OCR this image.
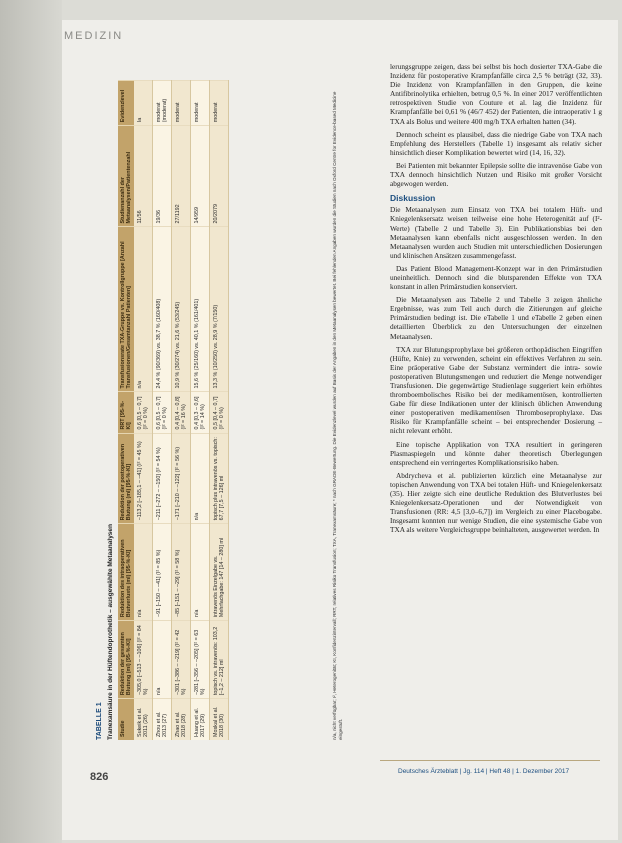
MEDIZIN
TABELLE 1 Tranexamsäure in der Hüftendoprothetik – ausgewählte Metaanalysen Studie	Reduktion der gesamten Blutung (ml) [95-%-KI]	Reduktion des intraoperativen Blutverlusts (ml) [95-%-KI]	Reduktion der postoperativen Blutung (ml) [95-%-KI]	RRT [95-%-KI]	Transfusionsrate TXA-Gruppe vs. Kontrollgruppe [Anzahl Transfusionen/Gesamtanzahl Patienten]	Studienanzahl der Metaanalysen/Patientenzahl	Evidenzlevel
Sukeik et al. 2011 (26)	−305,0 [–513 – –106] (I² = 84 %)	n/a	−113,2 [–185,1 – –41] (I² = 45 %)	0,6 [0,5 – 0,7] (I² = 0 %)	n/a	11/56	Ia
Zhou et al. 2013 (27)	n/a	−91 [–150 – –41] (I² = 85 %)	−211 [–272 – –150] (I² = 54 %)	0,6 [0,5 – 0,7] (I² = 0 %)	24,4 % (90/369) vs. 38,7 % (160/408)	19/36	moderat (moderat)
Zhao et al. 2018 (28)	−301 [–386 – –219] (I² = 42 %)	−85 [–151 – –29] (I² = 58 %)	−171 [–210 – –122] (I² = 56 %)	0,4 [0,4 – 0,8] (I² = 16 %)	10,9 % (30/274) vs. 21,6 % (53/245)	27/1192	moderat
Huang et al. 2017 (29)	−281 [–356 – –205] (I² = 63 %)	n/a	n/a	0,4 [0,3 – 0,6] (I² = 14 %)	15,6 % (25/160) vs. 40,1 % (161/401)	14/959	moderat
Moskal et al. 2018 (30)	topisch vs. intravenös: 103,2 [–1,2 – 212] ml	intravenös Einzelgabe vs. Mehrfachgabe: 147 [14 – 280] ml	topisch plus intravenös vs. topisch: 67,7 [7,5 – 126] ml	0,5 [0,4 – 0,7] (I² = 0 %)	13,3 % (10/250) vs. 28,9 % (7/150)	20/2079	moderat	n/a, nicht verfügbar; I², Heterogenität; KI, Konfidenzintervall; RRT, relatives Risiko Transfusion; TXA, Tranexamsäure; * nach GRADE-Bewertung. Die Evidenzlevel wurden auf Basis der Angaben in den Metaanalysen bewertet. Bei fehlenden Angaben wurden die Studien nach Oxford Centre for Evidence-based Medicine eingestuft.
826

lerungsgruppe zeigen, dass bei selbst bis hoch dosierter TXA-Gabe die Inzidenz für postoperative Krampfanfälle circa 2,5 % beträgt (32, 33). Die Inzidenz von Krampfanfällen in den Gruppen, die keine Antifibrinolytika erhielten, betrug 0,5 %. In einer 2017 veröffentlichten retrospektiven Studie von Couture et al. lag die Inzidenz für Krampfanfälle bei 0,61 % (46/7 452) der Patienten, die intraoperativ 1 g TXA als Bolus und weitere 400 mg/h TXA erhalten hatten (34).

Dennoch scheint es plausibel, dass die niedrige Gabe von TXA nach Empfehlung des Herstellers (Tabelle 1) insgesamt als relativ sicher hinsichtlich dieser Komplikation bewertet wird (14, 16, 32).

Bei Patienten mit bekannter Epilepsie sollte die intravenöse Gabe von TXA dennoch hinsichtlich Nutzen und Risiko mit großer Vorsicht abgewogen werden.

Diskussion

Die Metaanalysen zum Einsatz von TXA bei totalem Hüft- und Kniegelenksersatz weisen teilweise eine hohe Heterogenität auf (I²-Werte) (Tabelle 2 und Tabelle 3). Ein Publikationsbias bei den Metaanalysen kann ebenfalls nicht ausgeschlossen werden. In den Metaanalysen wurden auch Studien mit unterschiedlichen Dosierungen und klinischen Ansätzen zusammengefasst.

Das Patient Blood Management-Konzept war in den Primärstudien uneinheitlich. Dennoch sind die blutsparenden Effekte von TXA konstant in allen Primärstudien konserviert.

Die Metaanalysen aus Tabelle 2 und Tabelle 3 zeigen ähnliche Ergebnisse, was zum Teil auch durch die Zitierungen auf gleiche Primärstudien bedingt ist. Die eTabelle 1 und eTabelle 2 geben einen detaillierten Überblick zu den Untersuchungen der einzelnen Metaanalysen.

TXA zur Blutungsprophylaxe bei größeren orthopädischen Eingriffen (Hüfte, Knie) zu verwenden, scheint ein effektives Verfahren zu sein. Eine präoperative Gabe der Substanz vermindert die intra- sowie postoperativen Blutungsmengen und reduziert die Menge notwendiger Transfusionen. Die gegenwärtige Studienlage suggeriert kein erhöhtes thromboembolisches Risiko bei der medikamentösen, kontrollierten Gabe für diese Indikationen unter der klinisch üblichen Anwendung einer postoperativen medikamentösen Thromboseprophylaxe. Das Risiko für Krampfanfälle scheint – bei entsprechender Dosierung – nicht relevant erhöht.

Eine topische Applikation von TXA resultiert in geringeren Plasmaspiegeln und könnte daher theoretisch Überlegungen entsprechend ein verringertes Komplikationsrisiko haben.

Abdrycheva et al. publizierten kürzlich eine Metaanalyse zur topischen Anwendung von TXA bei totalen Hüft- und Kniegelenkersatz (35). Hier zeigte sich eine deutliche Reduktion des Blutverlustes bei Kniegelenkersatz-Operationen und der Notwendigkeit von Transfusionen (RR: 4,5 [3,0–6,7]) im Vergleich zu einer Placebogabe. Insgesamt konnten nur wenige Studien, die eine systemische Gabe von TXA als weitere Vergleichsgruppe beinhalteten, ausgewertet werden. In

Deutsches Ärzteblatt | Jg. 114 | Heft 48 | 1. Dezember 2017
